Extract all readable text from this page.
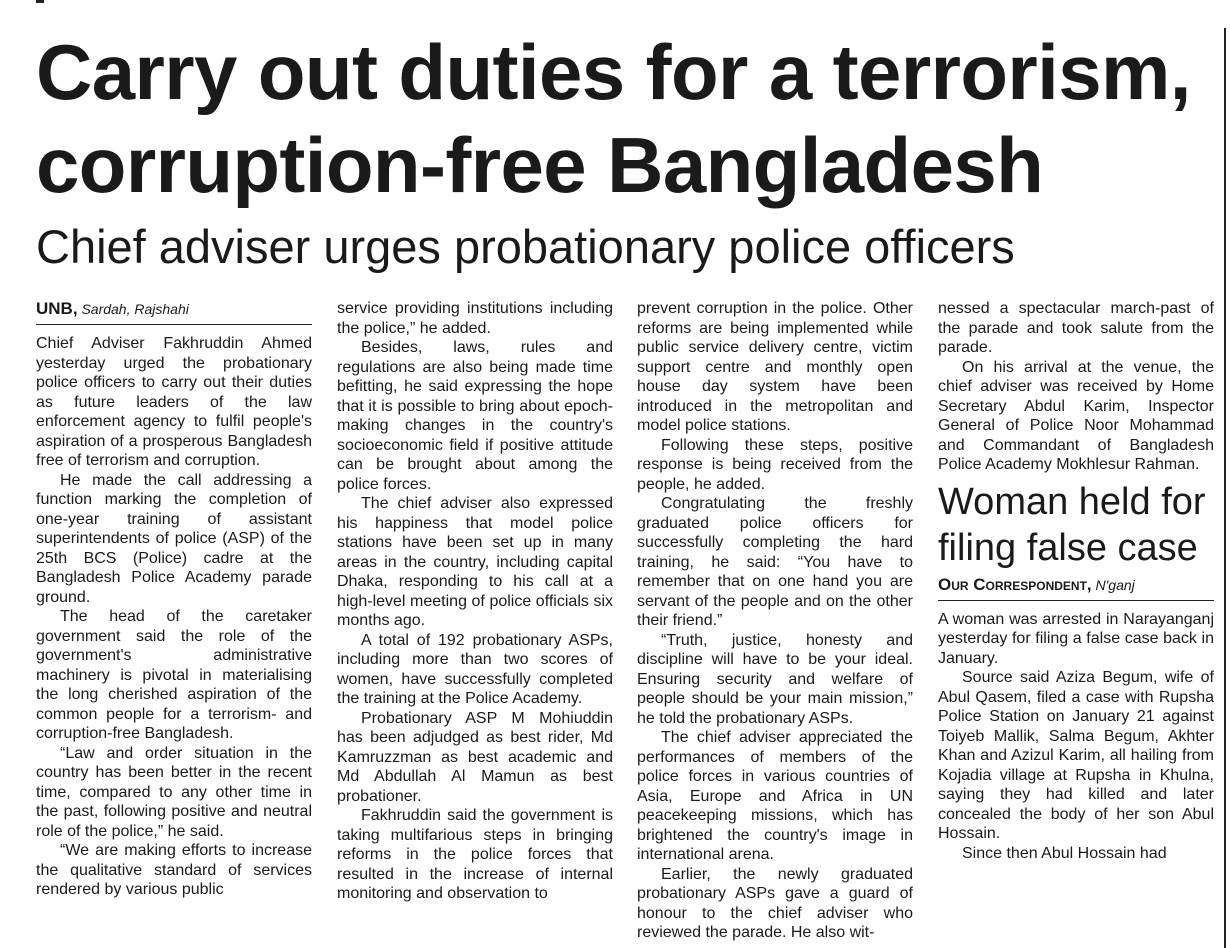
Carry out duties for a terrorism,
corruption-free Bangladesh
Chief adviser urges probationary police officers
UNB, Sardah, Rajshahi

Chief Adviser Fakhruddin Ahmed yesterday urged the probationary police officers to carry out their duties as future leaders of the law enforcement agency to fulfil people's aspiration of a prosperous Bangladesh free of terrorism and corruption.

He made the call addressing a function marking the completion of one-year training of assistant superintendents of police (ASP) of the 25th BCS (Police) cadre at the Bangladesh Police Academy parade ground.

The head of the caretaker government said the role of the government's administrative machinery is pivotal in materialising the long cherished aspiration of the common people for a terrorism- and corruption-free Bangladesh.

“Law and order situation in the country has been better in the recent time, compared to any other time in the past, following positive and neutral role of the police,” he said.

“We are making efforts to increase the qualitative standard of services rendered by various public

service providing institutions including the police,” he added.

Besides, laws, rules and regulations are also being made time befitting, he said expressing the hope that it is possible to bring about epoch-making changes in the country's socioeconomic field if positive attitude can be brought about among the police forces.

The chief adviser also expressed his happiness that model police stations have been set up in many areas in the country, including capital Dhaka, responding to his call at a high-level meeting of police officials six months ago.

A total of 192 probationary ASPs, including more than two scores of women, have successfully completed the training at the Police Academy.

Probationary ASP M Mohiuddin has been adjudged as best rider, Md Kamruzzman as best academic and Md Abdullah Al Mamun as best probationer.

Fakhruddin said the government is taking multifarious steps in bringing reforms in the police forces that resulted in the increase of internal monitoring and observation to

prevent corruption in the police. Other reforms are being implemented while public service delivery centre, victim support centre and monthly open house day system have been introduced in the metropolitan and model police stations.

Following these steps, positive response is being received from the people, he added.

Congratulating the freshly graduated police officers for successfully completing the hard training, he said: “You have to remember that on one hand you are servant of the people and on the other their friend.”

“Truth, justice, honesty and discipline will have to be your ideal. Ensuring security and welfare of people should be your main mission,” he told the probationary ASPs.

The chief adviser appreciated the performances of members of the police forces in various countries of Asia, Europe and Africa in UN peacekeeping missions, which has brightened the country's image in international arena.

Earlier, the newly graduated probationary ASPs gave a guard of honour to the chief adviser who reviewed the parade. He also wit-

nessed a spectacular march-past of the parade and took salute from the parade.

On his arrival at the venue, the chief adviser was received by Home Secretary Abdul Karim, Inspector General of Police Noor Mohammad and Commandant of Bangladesh Police Academy Mokhlesur Rahman.

Woman held for filing false case
Our Correspondent, N'ganj

A woman was arrested in Narayanganj yesterday for filing a false case back in January.

Source said Aziza Begum, wife of Abul Qasem, filed a case with Rupsha Police Station on January 21 against Toiyeb Mallik, Salma Begum, Akhter Khan and Azizul Karim, all hailing from Kojadia village at Rupsha in Khulna, saying they had killed and later concealed the body of her son Abul Hossain.

Since then Abul Hossain had
